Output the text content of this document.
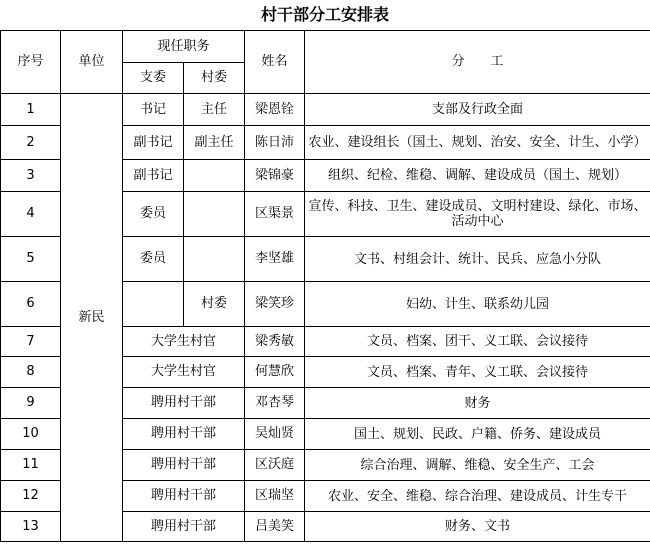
村干部分工安排表
序号	单位	现任职务		姓名	分　　工
		支委	村委		
1	新民	书记	主任	梁恩铨	支部及行政全面
2		副书记	副主任	陈日沛	农业、建设组长（国土、规划、治安、安全、计生、小学）
3		副书记		梁锦豪	组织、纪检、维稳、调解、建设成员（国土、规划）
4		委员		区渠景	宣传、科技、卫生、建设成员、文明村建设、绿化、市场、活动中心
5		委员		李坚雄	文书、村组会计、统计、民兵、应急小分队
6			村委	梁笑珍	妇幼、计生、联系幼儿园
7		大学生村官		梁秀敏	文员、档案、团干、义工联、会议接待
8		大学生村官		何慧欣	文员、档案、青年、义工联、会议接待
9		聘用村干部		邓杏琴	财务
10		聘用村干部		吴灿贤	国土、规划、民政、户籍、侨务、建设成员
11		聘用村干部		区沃庭	综合治理、调解、维稳、安全生产、工会
12		聘用村干部		区瑞坚	农业、安全、维稳、综合治理、建设成员、计生专干
13		聘用村干部		吕美笑	财务、文书
